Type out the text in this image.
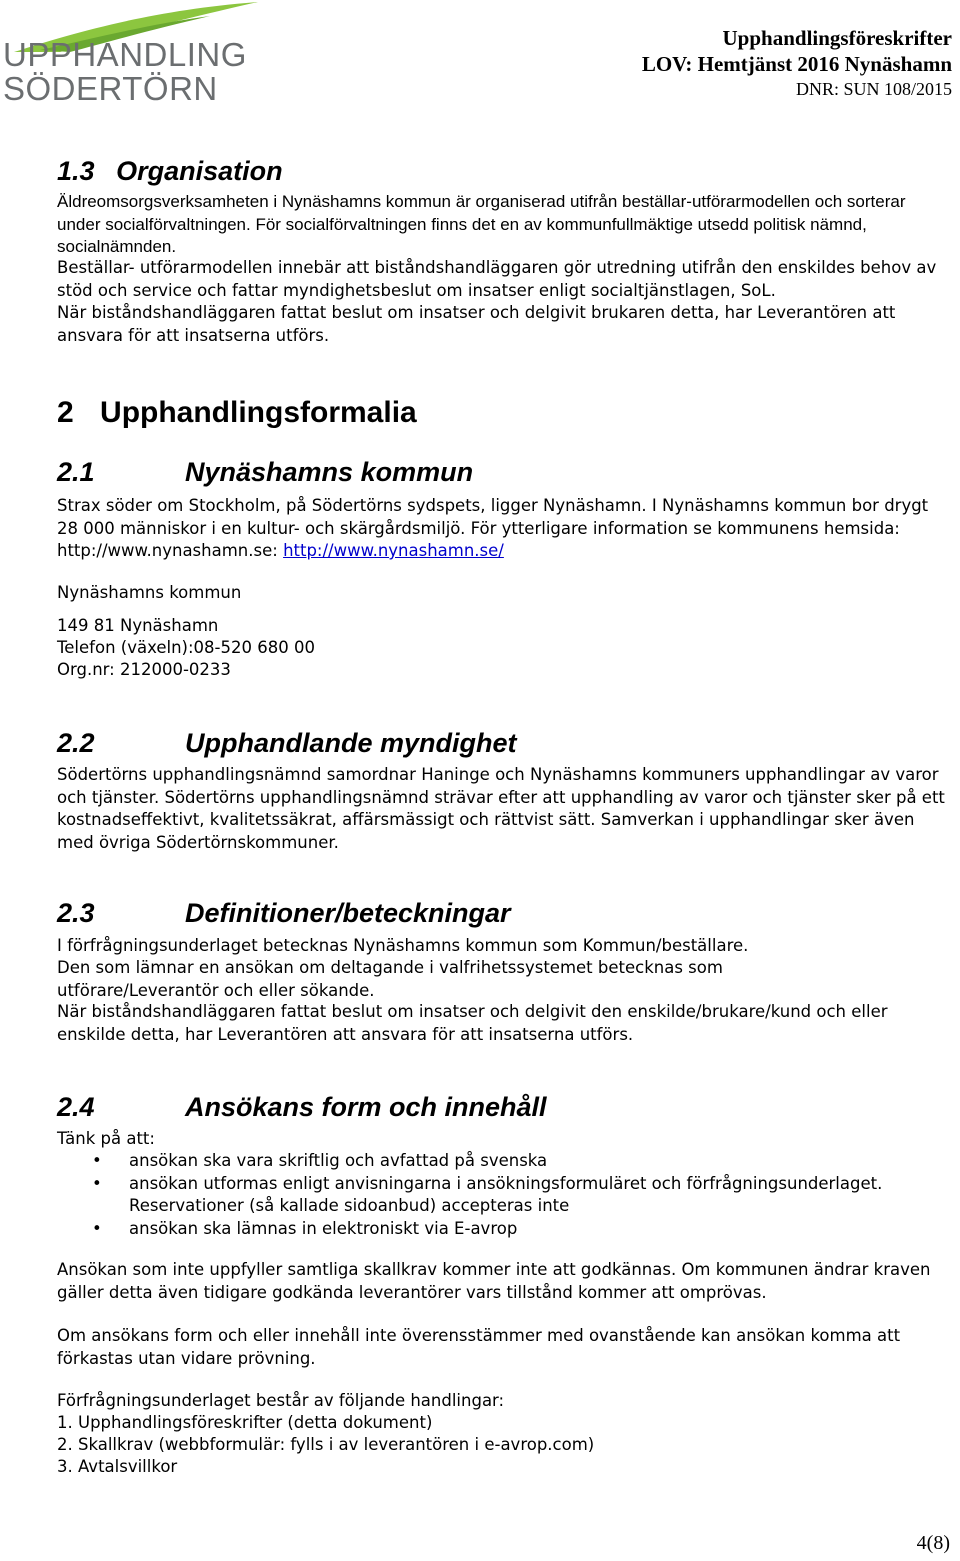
UPPHANDLING
SÖDERTÖRN
Upphandlingsföreskrifter
LOV: Hemtjänst 2016 Nynäshamn
DNR: SUN 108/2015
1.3 Organisation
Äldreomsorgsverksamheten i Nynäshamns kommun är organiserad utifrån beställar-utförarmodellen och sorterar under socialförvaltningen. För socialförvaltningen finns det en av kommunfullmäktige utsedd politisk nämnd, socialnämnden.
Beställar- utförarmodellen innebär att biståndshandläggaren gör utredning utifrån den enskildes behov av stöd och service och fattar myndighetsbeslut om insatser enligt socialtjänstlagen, SoL.
När biståndshandläggaren fattat beslut om insatser och delgivit brukaren detta, har Leverantören att ansvara för att insatserna utförs.
2 Upphandlingsformalia
2.1	Nynäshamns kommun
Strax söder om Stockholm, på Södertörns sydspets, ligger Nynäshamn. I Nynäshamns kommun bor drygt 28 000 människor i en kultur- och skärgårdsmiljö. För ytterligare information se kommunens hemsida: http://www.nynashamn.se: http://www.nynashamn.se/
Nynäshamns kommun
149 81 Nynäshamn
Telefon (växeln):08-520 680 00
Org.nr: 212000-0233
2.2	Upphandlande myndighet
Södertörns upphandlingsnämnd samordnar Haninge och Nynäshamns kommuners upphandlingar av varor och tjänster. Södertörns upphandlingsnämnd strävar efter att upphandling av varor och tjänster sker på ett kostnadseffektivt, kvalitetssäkrat, affärsmässigt och rättvist sätt. Samverkan i upphandlingar sker även med övriga Södertörnskommuner.
2.3	Definitioner/beteckningar
I förfrågningsunderlaget betecknas Nynäshamns kommun som Kommun/beställare.
Den som lämnar en ansökan om deltagande i valfrihetssystemet betecknas som utförare/Leverantör och eller sökande.
När biståndshandläggaren fattat beslut om insatser och delgivit den enskilde/brukare/kund och eller enskilde detta, har Leverantören att ansvara för att insatserna utförs.
2.4	Ansökans form och innehåll
Tänk på att:
• ansökan ska vara skriftlig och avfattad på svenska
• ansökan utformas enligt anvisningarna i ansökningsformuläret och förfrågningsunderlaget. Reservationer (så kallade sidoanbud) accepteras inte
• ansökan ska lämnas in elektroniskt via E-avrop
Ansökan som inte uppfyller samtliga skallkrav kommer inte att godkännas. Om kommunen ändrar kraven gäller detta även tidigare godkända leverantörer vars tillstånd kommer att omprövas.
Om ansökans form och eller innehåll inte överensstämmer med ovanstående kan ansökan komma att förkastas utan vidare prövning.
Förfrågningsunderlaget består av följande handlingar:
1. Upphandlingsföreskrifter (detta dokument)
2. Skallkrav (webbformulär: fylls i av leverantören i e-avrop.com)
3. Avtalsvillkor
4(8)
